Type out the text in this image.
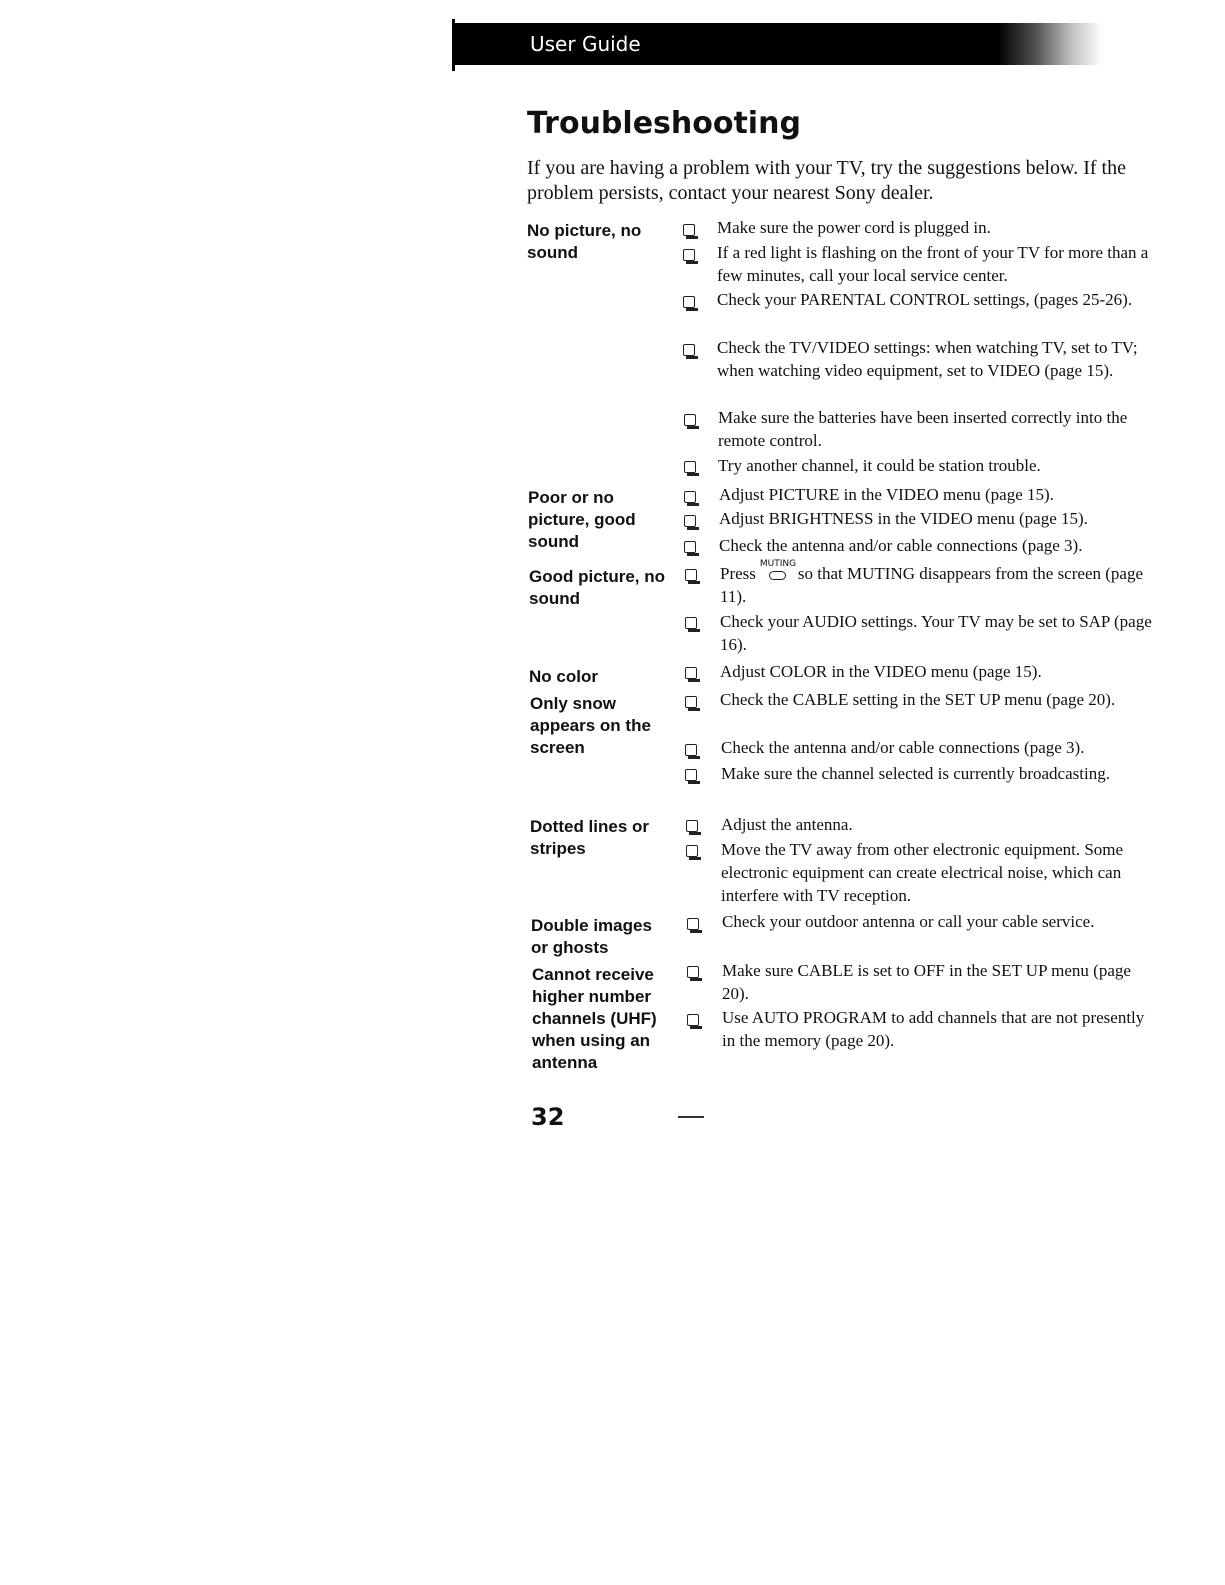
User Guide
Troubleshooting

If you are having a problem with your TV, try the suggestions below. If the problem persists, contact your nearest Sony dealer.

No picture, no sound

Poor or no picture, good sound

Good picture, no sound

No color

Only snow appears on the screen

Dotted lines or stripes

Double images or ghosts

Cannot receive higher number channels (UHF) when using an antenna

Make sure the power cord is plugged in.

If a red light is flashing on the front of your TV for more than a few minutes, call your local service center.

Check your PARENTAL CONTROL settings, (pages 25-26).

Check the TV/VIDEO settings: when watching TV, set to TV; when watching video equipment, set to VIDEO (page 15).

Make sure the batteries have been inserted correctly into the remote control.

Try another channel, it could be station trouble.

Adjust PICTURE in the VIDEO menu (page 15).

Adjust BRIGHTNESS in the VIDEO menu (page 15).

Check the antenna and/or cable connections (page 3).

Press MUTING so that MUTING disappears from the screen (page 11).

Check your AUDIO settings. Your TV may be set to SAP (page 16).

Adjust COLOR in the VIDEO menu (page 15).

Check the CABLE setting in the SET UP menu (page 20).

Check the antenna and/or cable connections (page 3).

Make sure the channel selected is currently broadcasting.

Adjust the antenna.

Move the TV away from other electronic equipment. Some electronic equipment can create electrical noise, which can interfere with TV reception.

Check your outdoor antenna or call your cable service.

Make sure CABLE is set to OFF in the SET UP menu (page 20).

Use AUTO PROGRAM to add channels that are not presently in the memory (page 20).

32
